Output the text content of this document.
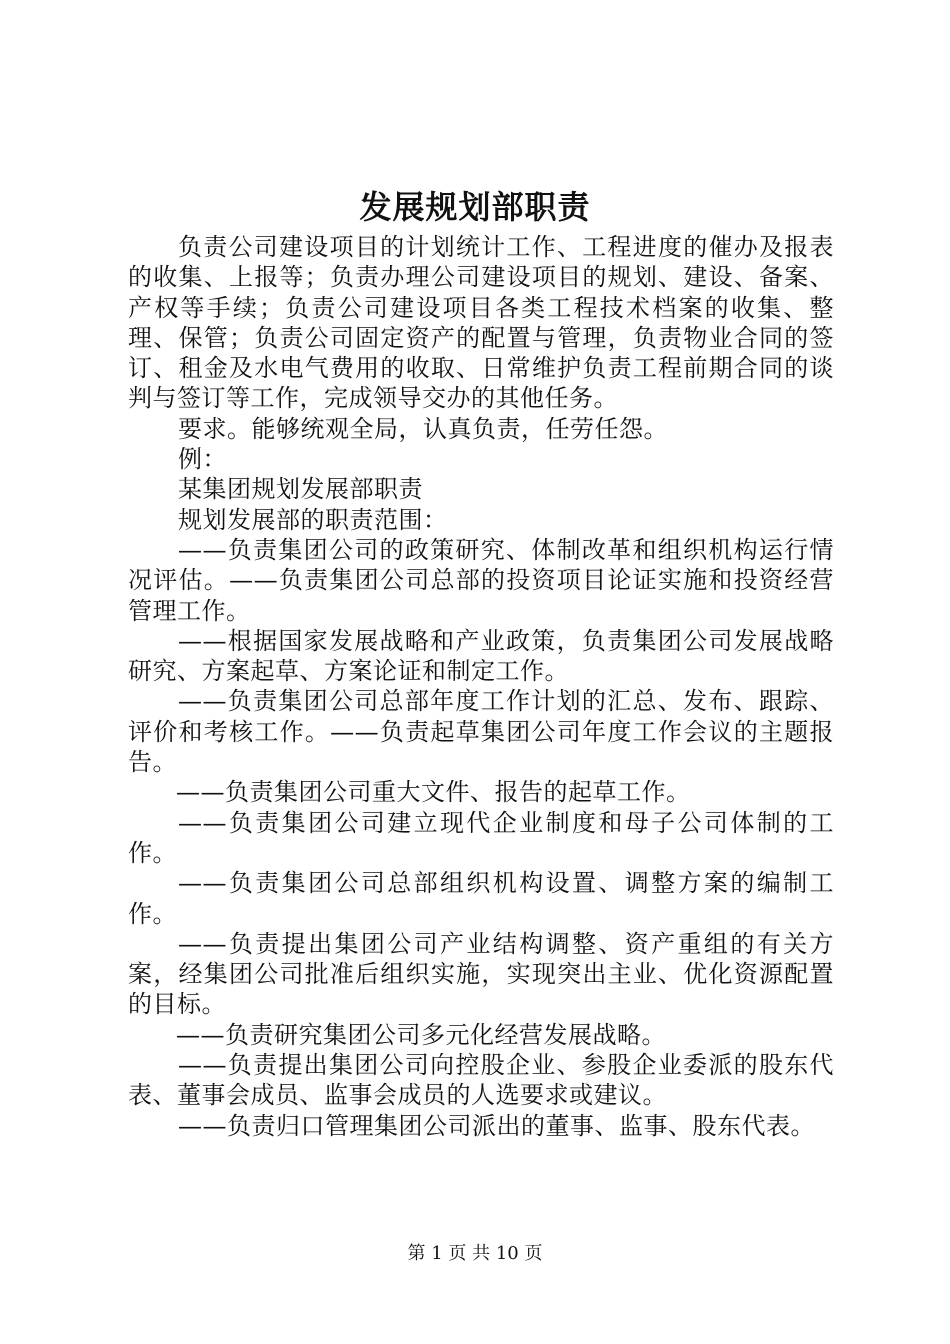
发展规划部职责

负责公司建设项目的计划统计工作、工程进度的催办及报表的收集、上报等；负责办理公司建设项目的规划、建设、备案、产权等手续；负责公司建设项目各类工程技术档案的收集、整理、保管；负责公司固定资产的配置与管理，负责物业合同的签订、租金及水电气费用的收取、日常维护负责工程前期合同的谈判与签订等工作，完成领导交办的其他任务。

要求。能够统观全局，认真负责，任劳任怨。

例：

某集团规划发展部职责

规划发展部的职责范围：

——负责集团公司的政策研究、体制改革和组织机构运行情况评估。——负责集团公司总部的投资项目论证实施和投资经营管理工作。

——根据国家发展战略和产业政策，负责集团公司发展战略研究、方案起草、方案论证和制定工作。

——负责集团公司总部年度工作计划的汇总、发布、跟踪、评价和考核工作。——负责起草集团公司年度工作会议的主题报告。

——负责集团公司重大文件、报告的起草工作。

——负责集团公司建立现代企业制度和母子公司体制的工作。

——负责集团公司总部组织机构设置、调整方案的编制工作。

——负责提出集团公司产业结构调整、资产重组的有关方案，经集团公司批准后组织实施，实现突出主业、优化资源配置的目标。

——负责研究集团公司多元化经营发展战略。

——负责提出集团公司向控股企业、参股企业委派的股东代表、董事会成员、监事会成员的人选要求或建议。

——负责归口管理集团公司派出的董事、监事、股东代表。

第 1 页 共 10 页
